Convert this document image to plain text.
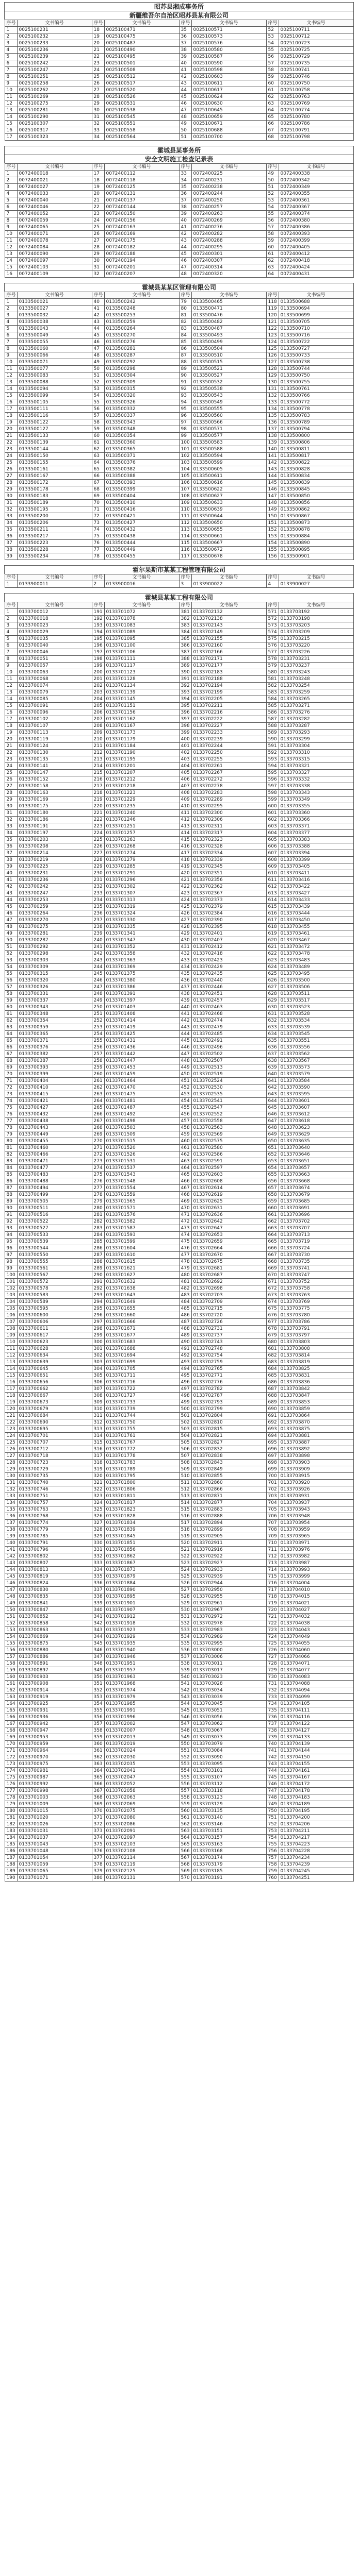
昭苏县湘成事务所
新疆维吾尔自治区昭苏县某有限公司
序号	文书编号	序号	文书编号	序号	文书编号	序号	文书编号
1	0025100231	18	0025100471	35	0025100571	52	0025100711
2	0025100232	19	0025100475	36	0025100573	53	0025100712
3	0025100233	20	0025100487	37	0025100576	54	0025100723
4	0025100236	21	0025100490	38	0025100580	55	0025100725
5	0025100239	22	0025100495	39	0025100587	56	0025100729
6	0025100242	23	0025100501	40	0025100590	57	0025100735
7	0025100247	24	0025100508	41	0025100598	58	0025100741
8	0025100251	25	0025100512	42	0025100603	59	0025100746
9	0025100258	26	0025100517	43	0025100611	60	0025100750
10	0025100262	27	0025100520	44	0025100617	61	0025100758
11	0025100269	28	0025100526	45	0025100624	62	0025100763
12	0025100275	29	0025100531	46	0025100630	63	0025100769
13	0025100281	30	0025100538	47	0025100645	64	0025100774
14	0025100290	31	0025100545	48	0025100659	65	0025100780
15	0025100307	32	0025100551	49	0025100671	66	0025100786
16	0025100317	33	0025100558	50	0025100688	67	0025100791
17	0025100323	34	0025100564	51	0025100700	68	0025100798
霍城县某事务所
安全文明施工检查记录表
序号	文书编号	序号	文书编号	序号	文书编号	序号	文书编号
1	0072400018	17	0072400112	33	0072400225	49	0072400338
2	0072400021	18	0072400118	34	0072400231	50	0072400342
3	0072400027	19	0072400125	35	0072400238	51	0072400349
4	0072400033	20	0072400131	36	0072400244	52	0072400355
5	0072400040	21	0072400137	37	0072400250	53	0072400361
6	0072400046	22	0072400144	38	0072400257	54	0072400367
7	0072400052	23	0072400150	39	0072400263	55	0072400374
8	0072400059	24	0072400156	40	0072400269	56	0072400380
9	0072400065	25	0072400163	41	0072400276	57	0072400386
10	0072400071	26	0072400169	42	0072400282	58	0072400393
11	0072400078	27	0072400175	43	0072400288	59	0072400399
12	0072400084	28	0072400182	44	0072400295	60	0072400405
13	0072400090	29	0072400188	45	0072400301	61	0072400412
14	0072400097	30	0072400194	46	0072400307	62	0072400418
15	0072400103	31	0072400201	47	0072400314	63	0072400424
16	0072400109	32	0072400207	48	0072400320	64	0072400431
霍城县某某区管理有限公司
序号	文书编号	序号	文书编号	序号	文书编号	序号	文书编号
1	0133500021	40	0133500242	79	0133500465	118	0133500688
2	0133500027	41	0133500248	80	0133500471	119	0133500694
3	0133500032	42	0133500253	81	0133500476	120	0133500699
4	0133500038	43	0133500259	82	0133500482	121	0133500705
5	0133500043	44	0133500264	83	0133500487	122	0133500710
6	0133500049	45	0133500270	84	0133500493	123	0133500716
7	0133500055	46	0133500276	85	0133500499	124	0133500722
8	0133500060	47	0133500281	86	0133500504	125	0133500727
9	0133500066	48	0133500287	87	0133500510	126	0133500733
10	0133500071	49	0133500292	88	0133500515	127	0133500738
11	0133500077	50	0133500298	89	0133500521	128	0133500744
12	0133500083	51	0133500304	90	0133500527	129	0133500750
13	0133500088	52	0133500309	91	0133500532	130	0133500755
14	0133500094	53	0133500315	92	0133500538	131	0133500761
15	0133500099	54	0133500320	93	0133500543	132	0133500766
16	0133500105	55	0133500326	94	0133500549	133	0133500772
17	0133500111	56	0133500332	95	0133500555	134	0133500778
18	0133500116	57	0133500337	96	0133500560	135	0133500783
19	0133500122	58	0133500343	97	0133500566	136	0133500789
20	0133500127	59	0133500348	98	0133500571	137	0133500794
21	0133500133	60	0133500354	99	0133500577	138	0133500800
22	0133500139	61	0133500360	100	0133500583	139	0133500806
23	0133500144	62	0133500365	101	0133500588	140	0133500811
24	0133500150	63	0133500371	102	0133500594	141	0133500817
25	0133500155	64	0133500376	103	0133500599	142	0133500822
26	0133500161	65	0133500382	104	0133500605	143	0133500828
27	0133500167	66	0133500388	105	0133500611	144	0133500834
28	0133500172	67	0133500393	106	0133500616	145	0133500839
29	0133500178	68	0133500399	107	0133500622	146	0133500845
30	0133500183	69	0133500404	108	0133500627	147	0133500850
31	0133500189	70	0133500410	109	0133500633	148	0133500856
32	0133500195	71	0133500416	110	0133500639	149	0133500862
33	0133500200	72	0133500421	111	0133500644	150	0133500867
34	0133500206	73	0133500427	112	0133500650	151	0133500873
35	0133500211	74	0133500432	113	0133500655	152	0133500878
36	0133500217	75	0133500438	114	0133500661	153	0133500884
37	0133500223	76	0133500444	115	0133500667	154	0133500890
38	0133500228	77	0133500449	116	0133500672	155	0133500895
39	0133500234	78	0133500455	117	0133500678	156	0133500901
霍尔果斯市某某工程管理有限公司
序号	文书编号	序号	文书编号	序号	文书编号	序号	文书编号
1	0133900011	2	0133900016	3	0133900022	4	0133900027
霍城县某某工程有限公司
序号	文书编号	序号	文书编号	序号	文书编号	序号	文书编号
1	0133700012	191	0133701072	381	0133702132	571	0133703192
2	0133700018	192	0133701078	382	0133702138	572	0133703198
3	0133700023	193	0133701083	383	0133702143	573	0133703203
4	0133700029	194	0133701089	384	0133702149	574	0133703209
5	0133700035	195	0133701095	385	0133702155	575	0133703215
6	0133700040	196	0133701100	386	0133702160	576	0133703220
7	0133700046	197	0133701106	387	0133702166	577	0133703226
8	0133700051	198	0133701111	388	0133702171	578	0133703231
9	0133700057	199	0133701117	389	0133702177	579	0133703237
10	0133700063	200	0133701123	390	0133702183	580	0133703243
11	0133700068	201	0133701128	391	0133702188	581	0133703248
12	0133700074	202	0133701134	392	0133702194	582	0133703254
13	0133700079	203	0133701139	393	0133702199	583	0133703259
14	0133700085	204	0133701145	394	0133702205	584	0133703265
15	0133700091	205	0133701151	395	0133702211	585	0133703271
16	0133700096	206	0133701156	396	0133702216	586	0133703276
17	0133700102	207	0133701162	397	0133702222	587	0133703282
18	0133700107	208	0133701167	398	0133702227	588	0133703287
19	0133700113	209	0133701173	399	0133702233	589	0133703293
20	0133700119	210	0133701179	400	0133702239	590	0133703299
21	0133700124	211	0133701184	401	0133702244	591	0133703304
22	0133700130	212	0133701190	402	0133702250	592	0133703310
23	0133700135	213	0133701195	403	0133702255	593	0133703315
24	0133700141	214	0133701201	404	0133702261	594	0133703321
25	0133700147	215	0133701207	405	0133702267	595	0133703327
26	0133700152	216	0133701212	406	0133702272	596	0133703332
27	0133700158	217	0133701218	407	0133702278	597	0133703338
28	0133700163	218	0133701223	408	0133702283	598	0133703343
29	0133700169	219	0133701229	409	0133702289	599	0133703349
30	0133700175	220	0133701235	410	0133702295	600	0133703355
31	0133700180	221	0133701240	411	0133702300	601	0133703360
32	0133700186	222	0133701246	412	0133702306	602	0133703366
33	0133700191	223	0133701251	413	0133702311	603	0133703371
34	0133700197	224	0133701257	414	0133702317	604	0133703377
35	0133700203	225	0133701263	415	0133702323	605	0133703383
36	0133700208	226	0133701268	416	0133702328	606	0133703388
37	0133700214	227	0133701274	417	0133702334	607	0133703394
38	0133700219	228	0133701279	418	0133702339	608	0133703399
39	0133700225	229	0133701285	419	0133702345	609	0133703405
40	0133700231	230	0133701291	420	0133702351	610	0133703411
41	0133700236	231	0133701296	421	0133702356	611	0133703416
42	0133700242	232	0133701302	422	0133702362	612	0133703422
43	0133700247	233	0133701307	423	0133702367	613	0133703427
44	0133700253	234	0133701313	424	0133702373	614	0133703433
45	0133700259	235	0133701319	425	0133702379	615	0133703439
46	0133700264	236	0133701324	426	0133702384	616	0133703444
47	0133700270	237	0133701330	427	0133702390	617	0133703450
48	0133700275	238	0133701335	428	0133702395	618	0133703455
49	0133700281	239	0133701341	429	0133702401	619	0133703461
50	0133700287	240	0133701347	430	0133702407	620	0133703467
51	0133700292	241	0133701352	431	0133702412	621	0133703472
52	0133700298	242	0133701358	432	0133702418	622	0133703478
53	0133700303	243	0133701363	433	0133702423	623	0133703483
54	0133700309	244	0133701369	434	0133702429	624	0133703489
55	0133700315	245	0133701375	435	0133702435	625	0133703495
56	0133700320	246	0133701380	436	0133702440	626	0133703500
57	0133700326	247	0133701386	437	0133702446	627	0133703506
58	0133700331	248	0133701391	438	0133702451	628	0133703511
59	0133700337	249	0133701397	439	0133702457	629	0133703517
60	0133700343	250	0133701403	440	0133702463	630	0133703523
61	0133700348	251	0133701408	441	0133702468	631	0133703528
62	0133700354	252	0133701414	442	0133702474	632	0133703534
63	0133700359	253	0133701419	443	0133702479	633	0133703539
64	0133700365	254	0133701425	444	0133702485	634	0133703545
65	0133700371	255	0133701431	445	0133702491	635	0133703551
66	0133700376	256	0133701436	446	0133702496	636	0133703556
67	0133700382	257	0133701442	447	0133702502	637	0133703562
68	0133700387	258	0133701447	448	0133702507	638	0133703567
69	0133700393	259	0133701453	449	0133702513	639	0133703573
70	0133700399	260	0133701459	450	0133702519	640	0133703579
71	0133700404	261	0133701464	451	0133702524	641	0133703584
72	0133700410	262	0133701470	452	0133702530	642	0133703590
73	0133700415	263	0133701475	453	0133702535	643	0133703595
74	0133700421	264	0133701481	454	0133702541	644	0133703601
75	0133700427	265	0133701487	455	0133702547	645	0133703607
76	0133700432	266	0133701492	456	0133702552	646	0133703612
77	0133700438	267	0133701498	457	0133702558	647	0133703618
78	0133700443	268	0133701503	458	0133702563	648	0133703623
79	0133700449	269	0133701509	459	0133702569	649	0133703629
80	0133700455	270	0133701515	460	0133702575	650	0133703635
81	0133700460	271	0133701520	461	0133702580	651	0133703640
82	0133700466	272	0133701526	462	0133702586	652	0133703646
83	0133700471	273	0133701531	463	0133702591	653	0133703651
84	0133700477	274	0133701537	464	0133702597	654	0133703657
85	0133700483	275	0133701543	465	0133702603	655	0133703663
86	0133700488	276	0133701548	466	0133702608	656	0133703668
87	0133700494	277	0133701554	467	0133702614	657	0133703674
88	0133700499	278	0133701559	468	0133702619	658	0133703679
89	0133700505	279	0133701565	469	0133702625	659	0133703685
90	0133700511	280	0133701571	470	0133702631	660	0133703691
91	0133700516	281	0133701576	471	0133702636	661	0133703696
92	0133700522	282	0133701582	472	0133702642	662	0133703702
93	0133700527	283	0133701587	473	0133702647	663	0133703707
94	0133700533	284	0133701593	474	0133702653	664	0133703713
95	0133700539	285	0133701599	475	0133702659	665	0133703719
96	0133700544	286	0133701604	476	0133702664	666	0133703724
97	0133700550	287	0133701610	477	0133702670	667	0133703730
98	0133700555	288	0133701615	478	0133702675	668	0133703735
99	0133700561	289	0133701621	479	0133702681	669	0133703741
100	0133700567	290	0133701627	480	0133702687	670	0133703747
101	0133700572	291	0133701632	481	0133702692	671	0133703752
102	0133700578	292	0133701638	482	0133702698	672	0133703758
103	0133700583	293	0133701643	483	0133702703	673	0133703763
104	0133700589	294	0133701649	484	0133702709	674	0133703769
105	0133700595	295	0133701655	485	0133702715	675	0133703775
106	0133700600	296	0133701660	486	0133702720	676	0133703780
107	0133700606	297	0133701666	487	0133702726	677	0133703786
108	0133700611	298	0133701671	488	0133702731	678	0133703791
109	0133700617	299	0133701677	489	0133702737	679	0133703797
110	0133700623	300	0133701683	490	0133702743	680	0133703803
111	0133700628	301	0133701688	491	0133702748	681	0133703808
112	0133700634	302	0133701694	492	0133702754	682	0133703814
113	0133700639	303	0133701699	493	0133702759	683	0133703819
114	0133700645	304	0133701705	494	0133702765	684	0133703825
115	0133700651	305	0133701711	495	0133702771	685	0133703831
116	0133700656	306	0133701716	496	0133702776	686	0133703836
117	0133700662	307	0133701722	497	0133702782	687	0133703842
118	0133700667	308	0133701727	498	0133702787	688	0133703847
119	0133700673	309	0133701733	499	0133702793	689	0133703853
120	0133700679	310	0133701739	500	0133702799	690	0133703859
121	0133700684	311	0133701744	501	0133702804	691	0133703864
122	0133700690	312	0133701750	502	0133702810	692	0133703870
123	0133700695	313	0133701755	503	0133702815	693	0133703875
124	0133700701	314	0133701761	504	0133702821	694	0133703881
125	0133700707	315	0133701767	505	0133702827	695	0133703887
126	0133700712	316	0133701772	506	0133702832	696	0133703892
127	0133700718	317	0133701778	507	0133702838	697	0133703898
128	0133700723	318	0133701783	508	0133702843	698	0133703903
129	0133700729	319	0133701789	509	0133702849	699	0133703909
130	0133700735	320	0133701795	510	0133702855	700	0133703915
131	0133700740	321	0133701800	511	0133702860	701	0133703920
132	0133700746	322	0133701806	512	0133702866	702	0133703926
133	0133700751	323	0133701811	513	0133702871	703	0133703931
134	0133700757	324	0133701817	514	0133702877	704	0133703937
135	0133700763	325	0133701823	515	0133702883	705	0133703943
136	0133700768	326	0133701828	516	0133702888	706	0133703948
137	0133700774	327	0133701834	517	0133702894	707	0133703954
138	0133700779	328	0133701839	518	0133702899	708	0133703959
139	0133700785	329	0133701845	519	0133702905	709	0133703965
140	0133700791	330	0133701851	520	0133702911	710	0133703971
141	0133700796	331	0133701856	521	0133702916	711	0133703976
142	0133700802	332	0133701862	522	0133702922	712	0133703982
143	0133700807	333	0133701867	523	0133702927	713	0133703987
144	0133700813	334	0133701873	524	0133702933	714	0133703993
145	0133700819	335	0133701879	525	0133702939	715	0133703999
146	0133700824	336	0133701884	526	0133702944	716	0133704004
147	0133700830	337	0133701890	527	0133702950	717	0133704010
148	0133700835	338	0133701895	528	0133702955	718	0133704015
149	0133700841	339	0133701901	529	0133702961	719	0133704021
150	0133700847	340	0133701907	530	0133702967	720	0133704027
151	0133700852	341	0133701912	531	0133702972	721	0133704032
152	0133700858	342	0133701918	532	0133702978	722	0133704038
153	0133700863	343	0133701923	533	0133702983	723	0133704043
154	0133700869	344	0133701929	534	0133702989	724	0133704049
155	0133700875	345	0133701935	535	0133702995	725	0133704055
156	0133700880	346	0133701940	536	0133703000	726	0133704060
157	0133700886	347	0133701946	537	0133703006	727	0133704066
158	0133700891	348	0133701951	538	0133703011	728	0133704071
159	0133700897	349	0133701957	539	0133703017	729	0133704077
160	0133700903	350	0133701963	540	0133703023	730	0133704083
161	0133700908	351	0133701968	541	0133703028	731	0133704088
162	0133700914	352	0133701974	542	0133703034	732	0133704094
163	0133700919	353	0133701979	543	0133703039	733	0133704099
164	0133700925	354	0133701985	544	0133703045	734	0133704105
165	0133700931	355	0133701991	545	0133703051	735	0133704111
166	0133700936	356	0133701996	546	0133703056	736	0133704116
167	0133700942	357	0133702002	547	0133703062	737	0133704122
168	0133700947	358	0133702007	548	0133703067	738	0133704127
169	0133700953	359	0133702013	549	0133703073	739	0133704133
170	0133700959	360	0133702019	550	0133703079	740	0133704139
171	0133700964	361	0133702024	551	0133703084	741	0133704144
172	0133700970	362	0133702030	552	0133703090	742	0133704150
173	0133700975	363	0133702035	553	0133703095	743	0133704155
174	0133700981	364	0133702041	554	0133703101	744	0133704161
175	0133700987	365	0133702047	555	0133703107	745	0133704167
176	0133700992	366	0133702052	556	0133703112	746	0133704172
177	0133700998	367	0133702058	557	0133703118	747	0133704178
178	0133701003	368	0133702063	558	0133703123	748	0133704183
179	0133701009	369	0133702069	559	0133703129	749	0133704189
180	0133701015	370	0133702075	560	0133703135	750	0133704195
181	0133701020	371	0133702080	561	0133703140	751	0133704200
182	0133701026	372	0133702086	562	0133703146	752	0133704206
183	0133701031	373	0133702091	563	0133703151	753	0133704211
184	0133701037	374	0133702097	564	0133703157	754	0133704217
185	0133701043	375	0133702103	565	0133703163	755	0133704223
186	0133701048	376	0133702108	566	0133703168	756	0133704228
187	0133701054	377	0133702114	567	0133703174	757	0133704234
188	0133701059	378	0133702119	568	0133703179	758	0133704239
189	0133701065	379	0133702125	569	0133703185	759	0133704245
190	0133701071	380	0133702131	570	0133703191	760	0133704251
